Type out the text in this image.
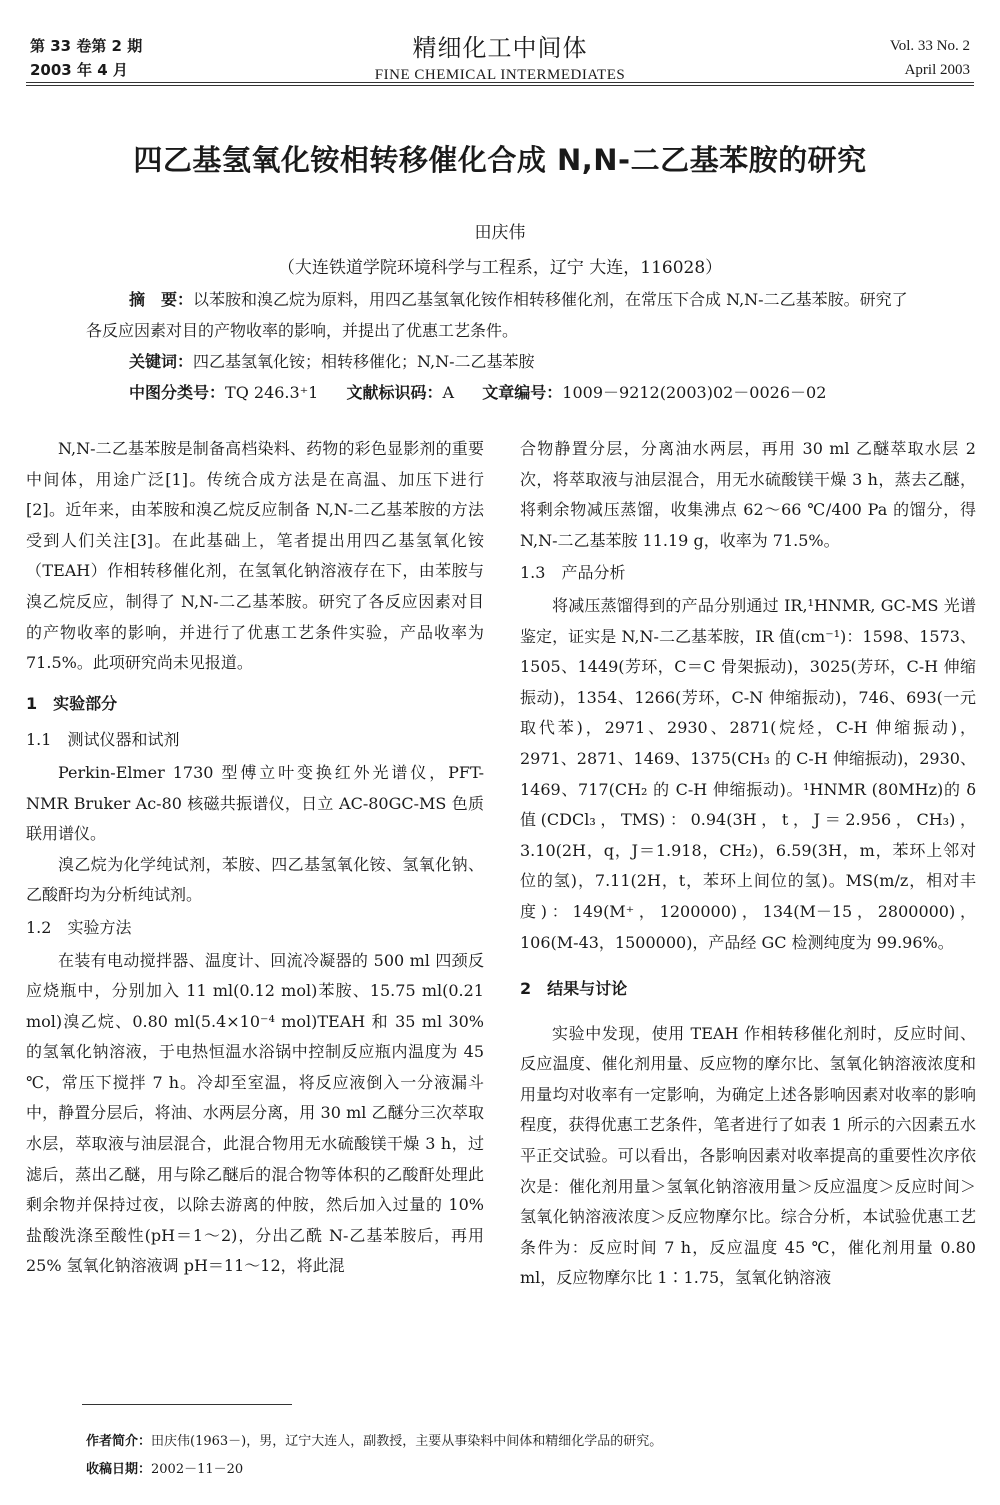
第 33 卷第 2 期
2003 年 4 月
精细化工中间体
FINE CHEMICAL INTERMEDIATES
Vol. 33 No. 2
April 2003
四乙基氢氧化铵相转移催化合成 N,N-二乙基苯胺的研究
田庆伟
（大连铁道学院环境科学与工程系，辽宁 大连，116028）
摘　要：以苯胺和溴乙烷为原料，用四乙基氢氧化铵作相转移催化剂，在常压下合成 N,N-二乙基苯胺。研究了各反应因素对目的产物收率的影响，并提出了优惠工艺条件。
关键词：四乙基氢氧化铵；相转移催化；N,N-二乙基苯胺
中图分类号：TQ 246.3⁺1 文献标识码：A 文章编号：1009－9212(2003)02－0026－02

N,N-二乙基苯胺是制备高档染料、药物的彩色显影剂的重要中间体，用途广泛[1]。传统合成方法是在高温、加压下进行[2]。近年来，由苯胺和溴乙烷反应制备 N,N-二乙基苯胺的方法受到人们关注[3]。在此基础上，笔者提出用四乙基氢氧化铵（TEAH）作相转移催化剂，在氢氧化钠溶液存在下，由苯胺与溴乙烷反应，制得了 N,N-二乙基苯胺。研究了各反应因素对目的产物收率的影响，并进行了优惠工艺条件实验，产品收率为 71.5%。此项研究尚未见报道。

1　实验部分

1.1　测试仪器和试剂

Perkin-Elmer 1730 型傅立叶变换红外光谱仪，PFT-NMR Bruker Ac-80 核磁共振谱仪，日立 AC-80GC-MS 色质联用谱仪。

溴乙烷为化学纯试剂，苯胺、四乙基氢氧化铵、氢氧化钠、乙酸酐均为分析纯试剂。

1.2　实验方法

在装有电动搅拌器、温度计、回流冷凝器的 500 ml 四颈反应烧瓶中，分别加入 11 ml(0.12 mol)苯胺、15.75 ml(0.21 mol)溴乙烷、0.80 ml(5.4×10⁻⁴ mol)TEAH 和 35 ml 30% 的氢氧化钠溶液，于电热恒温水浴锅中控制反应瓶内温度为 45 ℃，常压下搅拌 7 h。冷却至室温，将反应液倒入一分液漏斗中，静置分层后，将油、水两层分离，用 30 ml 乙醚分三次萃取水层，萃取液与油层混合，此混合物用无水硫酸镁干燥 3 h，过滤后，蒸出乙醚，用与除乙醚后的混合物等体积的乙酸酐处理此剩余物并保持过夜，以除去游离的仲胺，然后加入过量的 10% 盐酸洗涤至酸性(pH＝1～2)，分出乙酰 N-乙基苯胺后，再用 25% 氢氧化钠溶液调 pH＝11～12，将此混

合物静置分层，分离油水两层，再用 30 ml 乙醚萃取水层 2 次，将萃取液与油层混合，用无水硫酸镁干燥 3 h，蒸去乙醚，将剩余物减压蒸馏，收集沸点 62～66 ℃/400 Pa 的馏分，得 N,N-二乙基苯胺 11.19 g，收率为 71.5%。

1.3　产品分析

将减压蒸馏得到的产品分别通过 IR,¹HNMR, GC-MS 光谱鉴定，证实是 N,N-二乙基苯胺，IR 值(cm⁻¹)：1598、1573、1505、1449(芳环，C＝C 骨架振动)，3025(芳环，C-H 伸缩振动)，1354、1266(芳环，C-N 伸缩振动)，746、693(一元取代苯)，2971、2930、2871(烷烃，C-H 伸缩振动)，2971、2871、1469、1375(CH₃ 的 C-H 伸缩振动)，2930、1469、717(CH₂ 的 C-H 伸缩振动)。¹HNMR (80MHz)的 δ 值(CDCl₃，TMS)：0.94(3H，t，J＝2.956，CH₃)，3.10(2H，q，J＝1.918，CH₂)，6.59(3H，m，苯环上邻对位的氢)，7.11(2H，t，苯环上间位的氢)。MS(m/z，相对丰度)：149(M⁺，1200000)，134(M－15，2800000)，106(M-43，1500000)，产品经 GC 检测纯度为 99.96%。

2　结果与讨论

实验中发现，使用 TEAH 作相转移催化剂时，反应时间、反应温度、催化剂用量、反应物的摩尔比、氢氧化钠溶液浓度和用量均对收率有一定影响，为确定上述各影响因素对收率的影响程度，获得优惠工艺条件，笔者进行了如表 1 所示的六因素五水平正交试验。可以看出，各影响因素对收率提高的重要性次序依次是：催化剂用量＞氢氧化钠溶液用量＞反应温度＞反应时间＞氢氧化钠溶液浓度＞反应物摩尔比。综合分析，本试验优惠工艺条件为：反应时间 7 h，反应温度 45 ℃，催化剂用量 0.80 ml，反应物摩尔比 1∶1.75，氢氧化钠溶液

作者简介：田庆伟(1963－)，男，辽宁大连人，副教授，主要从事染料中间体和精细化学品的研究。
收稿日期：2002－11－20
